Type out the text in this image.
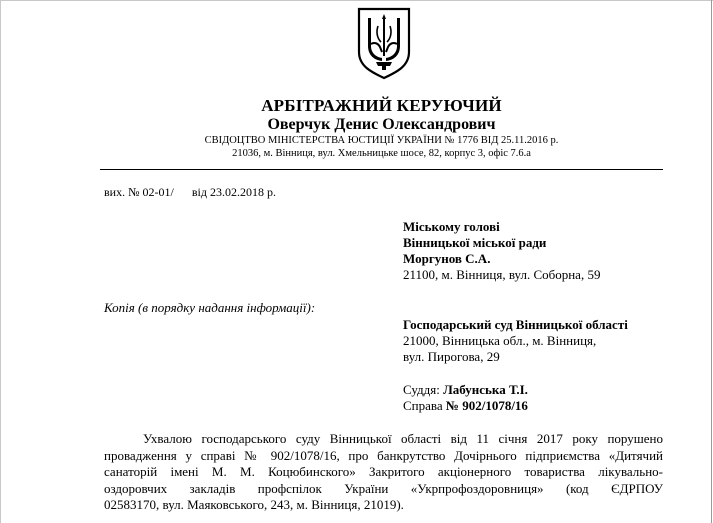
АРБІТРАЖНИЙ КЕРУЮЧИЙ
Оверчук Денис Олександрович
СВІДОЦТВО МІНІСТЕРСТВА ЮСТИЦІЇ УКРАЇНИ № 1776 ВІД 25.11.2016 р.
21036, м. Вінниця, вул. Хмельницьке шосе, 82, корпус 3, офіс 7.6.а
вих. № 02-01/ від 23.02.2018 р.
Міському голові
Вінницької міської ради
Моргунов С.А.
21100, м. Вінниця, вул. Соборна, 59
Копія (в порядку надання інформації):
Господарський суд Вінницької області
21000, Вінницька обл., м. Вінниця,
вул. Пирогова, 29
Суддя: Лабунська Т.І.
Справа № 902/1078/16
Ухвалою господарського суду Вінницької області від 11 січня 2017 року порушено
провадження у справі № 902/1078/16, про банкрутство Дочірнього підприємства «Дитячий
санаторій імені М. М. Коцюбинского» Закритого акціонерного товариства лікувально-
оздоровчих закладів профспілок України «Укрпрофоздоровниця» (код ЄДРПОУ
02583170, вул. Маяковського, 243, м. Вінниця, 21019).
